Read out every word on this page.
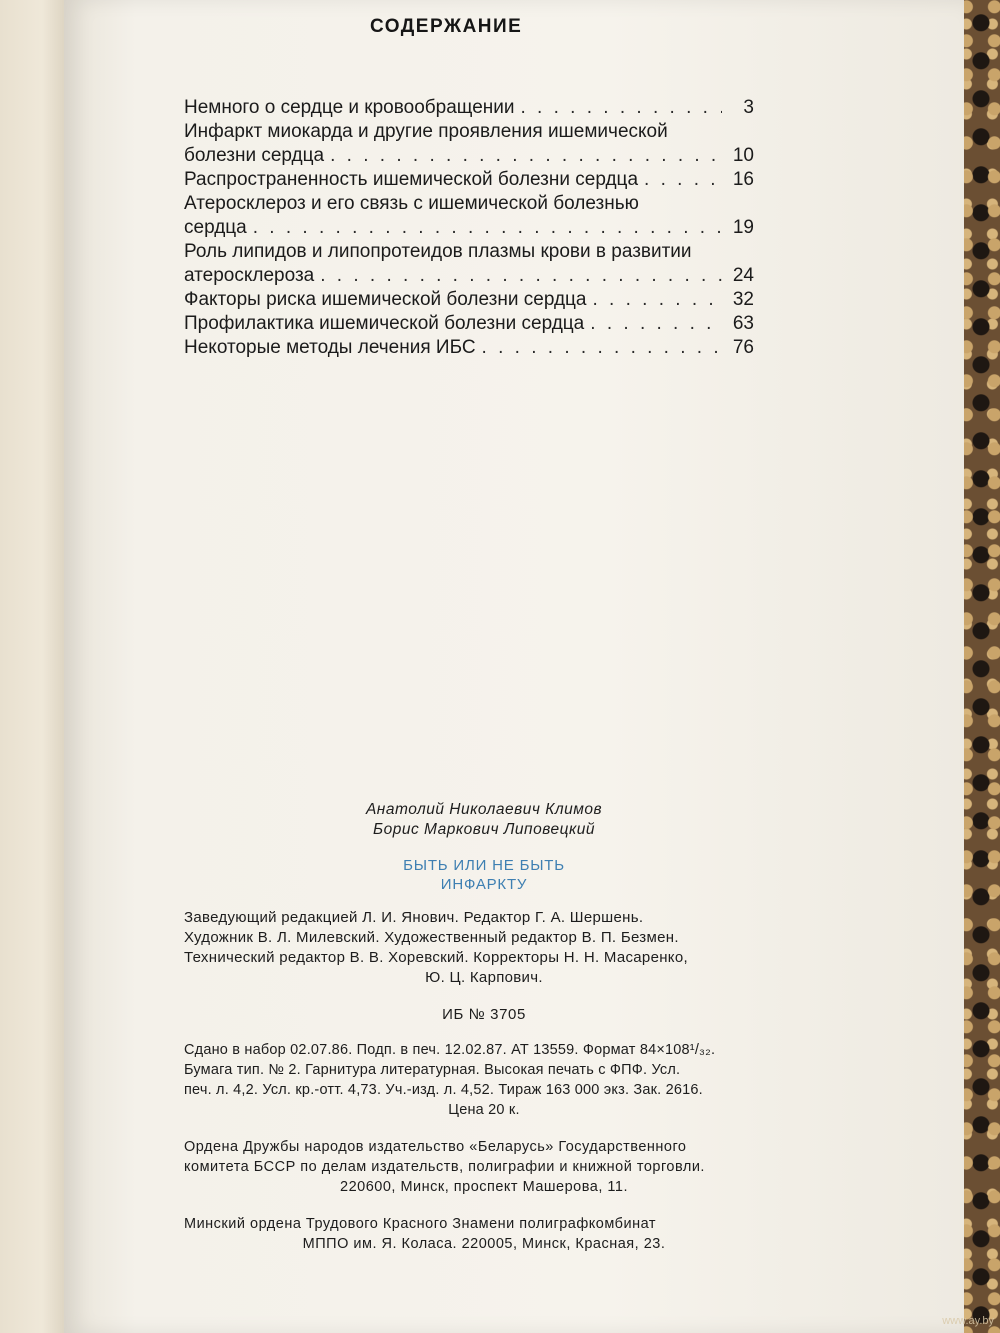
СОДЕРЖАНИЕ
Немного о сердце и кровообращении . . .	3
Инфаркт миокарда и другие проявления ишемической
болезни сердца . . .	10
Распространенность ишемической болезни сердца . . .	16
Атеросклероз и его связь с ишемической болезнью
сердца . . .	19
Роль липидов и липопротеидов плазмы крови в развитии
атеросклероза . . .	24
Факторы риска ишемической болезни сердца . . .	32
Профилактика ишемической болезни сердца . . .	63
Некоторые методы лечения ИБС . . .	76
Анатолий Николаевич Климов
Борис Маркович Липовецкий
БЫТЬ ИЛИ НЕ БЫТЬ
ИНФАРКТУ
Заведующий редакцией Л. И. Янович. Редактор Г. А. Шершень.
Художник В. Л. Милевский. Художественный редактор В. П. Безмен.
Технический редактор В. В. Хоревский. Корректоры Н. Н. Масаренко,
Ю. Ц. Карпович.
ИБ № 3705
Сдано в набор 02.07.86. Подп. в печ. 12.02.87. АТ 13559. Формат 84×108¹/₃₂.
Бумага тип. № 2. Гарнитура литературная. Высокая печать с ФПФ. Усл.
печ. л. 4,2. Усл. кр.-отт. 4,73. Уч.-изд. л. 4,52. Тираж 163 000 экз. Зак. 2616.
Цена 20 к.
Ордена Дружбы народов издательство «Беларусь» Государственного
комитета БССР по делам издательств, полиграфии и книжной торговли.
220600, Минск, проспект Машерова, 11.
Минский ордена Трудового Красного Знамени полиграфкомбинат
МППО им. Я. Коласа. 220005, Минск, Красная, 23.
www.ay.by
